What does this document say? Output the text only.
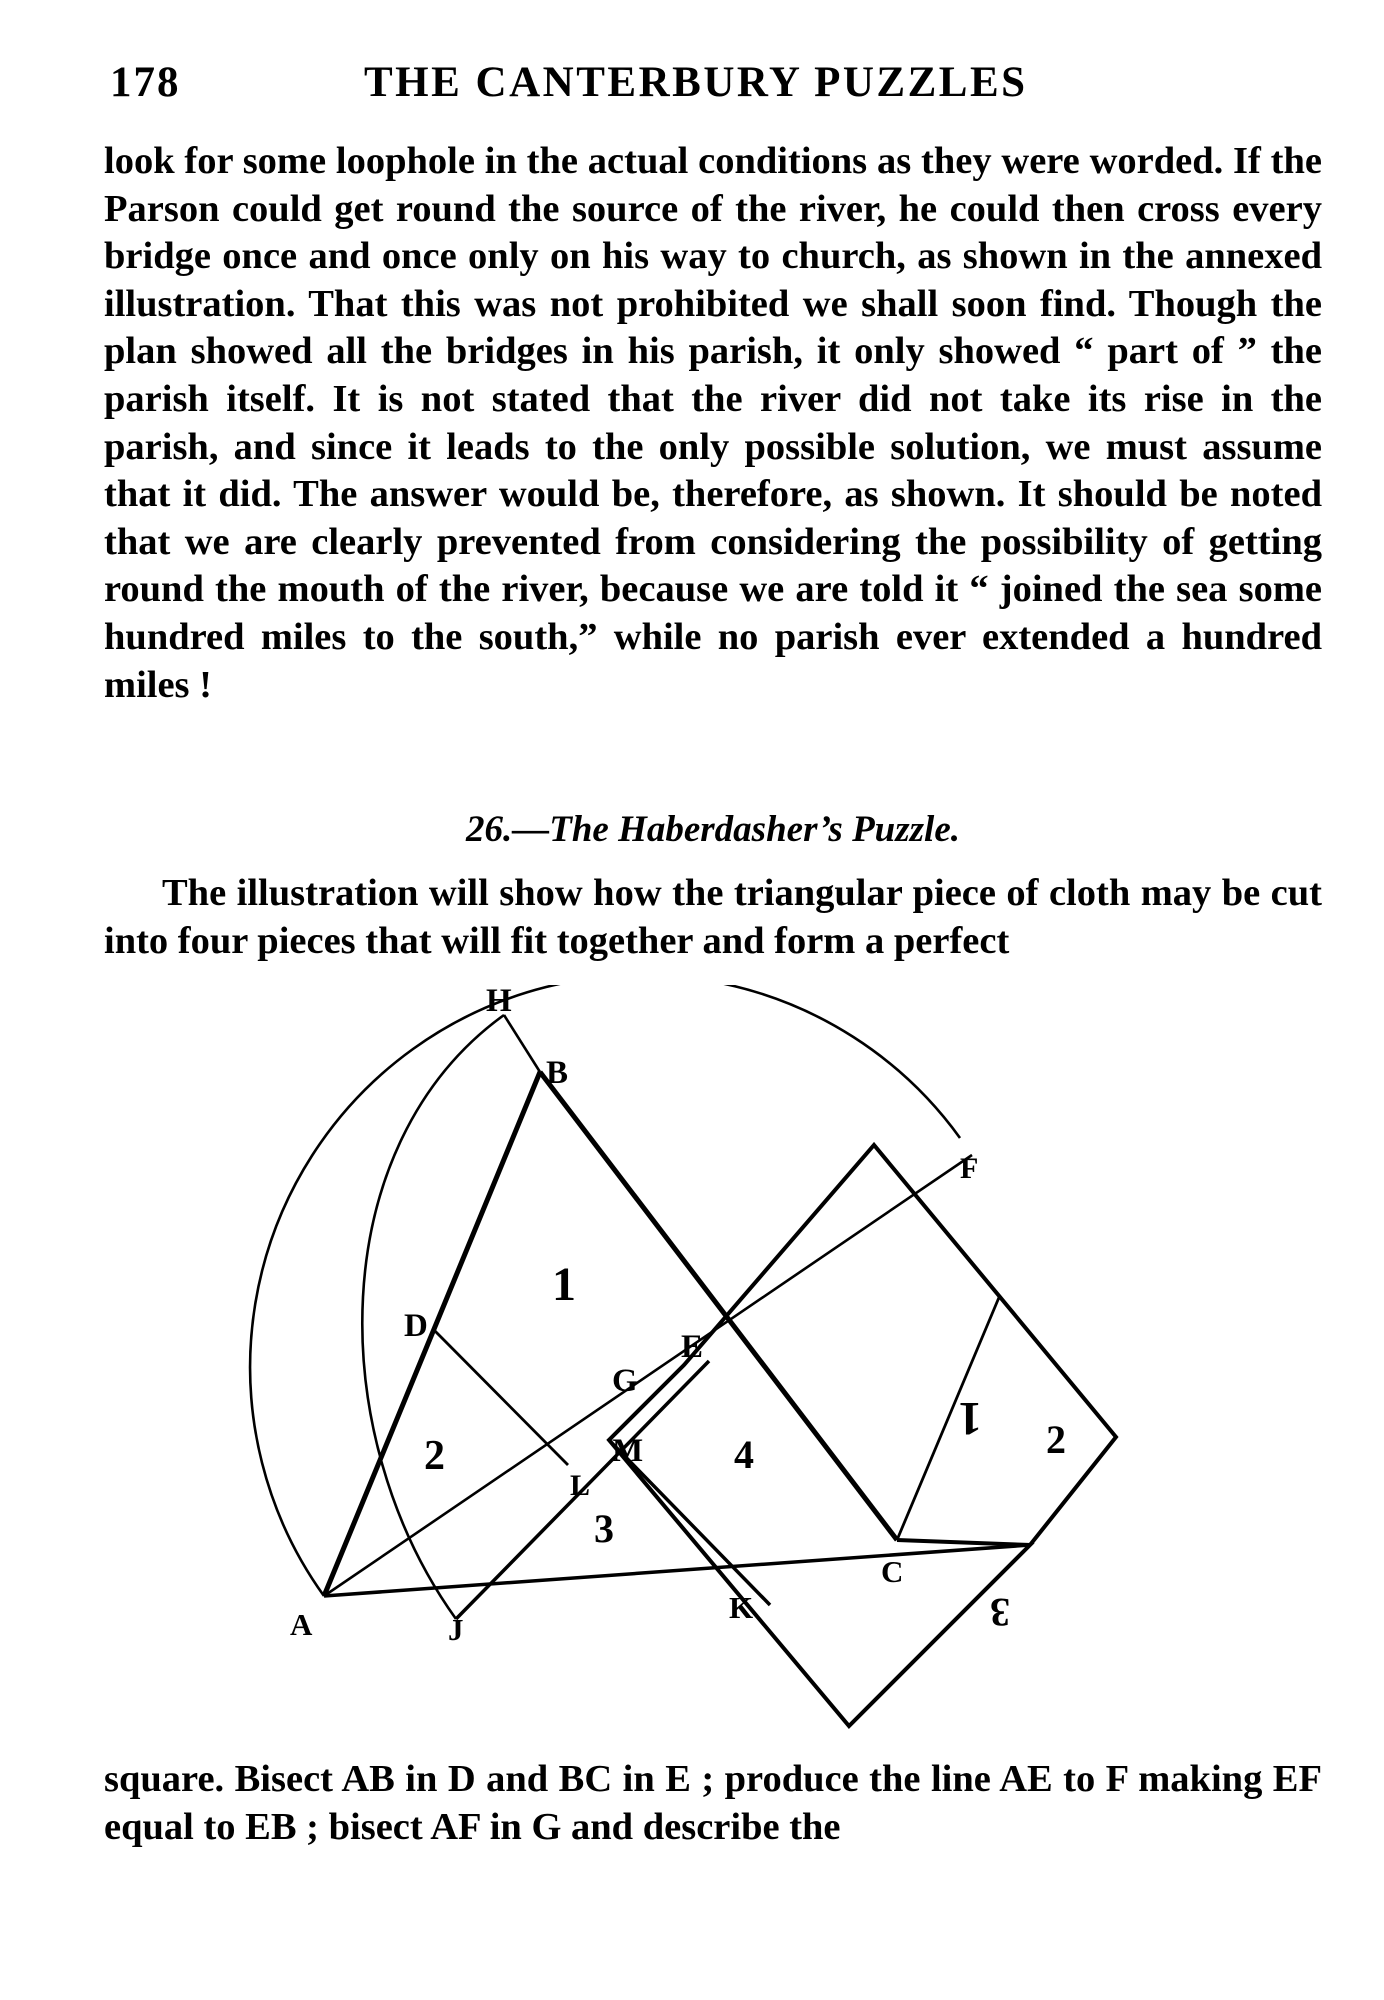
178	THE CANTERBURY PUZZLES

look for some loophole in the actual conditions as they were worded. If the Parson could get round the source of the river, he could then cross every bridge once and once only on his way to church, as shown in the annexed illustration. That this was not prohibited we shall soon find. Though the plan showed all the bridges in his parish, it only showed “ part of ” the parish itself. It is not stated that the river did not take its rise in the parish, and since it leads to the only possible solution, we must assume that it did. The answer would be, therefore, as shown. It should be noted that we are clearly prevented from considering the possibility of getting round the mouth of the river, because we are told it “ joined the sea some hundred miles to the south,” while no parish ever extended a hundred miles !

26.—The Haberdasher’s Puzzle.

The illustration will show how the triangular piece of cloth may be cut into four pieces that will fit together and form a perfect

H
B
F
D
E
G
M
L
A	J
K
C
1
2
3
4
1 2
3

square. Bisect AB in D and BC in E ; produce the line AE to F making EF equal to EB ; bisect AF in G and describe the
